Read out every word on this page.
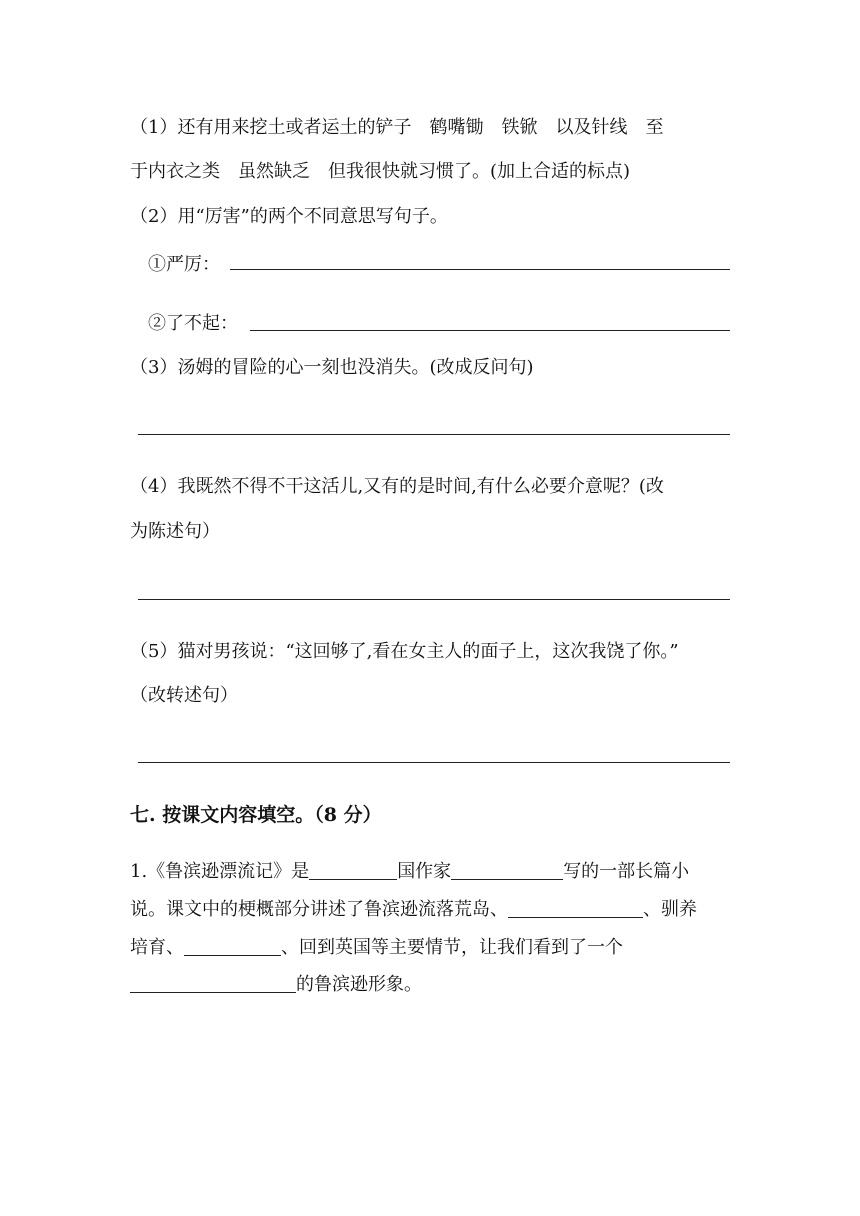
（1）还有用来挖土或者运土的铲子　鹤嘴锄　铁锨　以及针线　至
于内衣之类　虽然缺乏　但我很快就习惯了。(加上合适的标点)
（2）用“厉害”的两个不同意思写句子。
①严厉：
②了不起：
（3）汤姆的冒险的心一刻也没消失。(改成反问句)
（4）我既然不得不干这活儿,又有的是时间,有什么必要介意呢？(改
为陈述句）
（5）猫对男孩说：“这回够了,看在女主人的面子上，这次我饶了你。”
（改转述句）
七. 按课文内容填空。（8 分）
1.《鲁滨逊漂流记》是	国作家	写的一部长篇小
说。课文中的梗概部分讲述了鲁滨逊流落荒岛、	、驯养
培育、	、回到英国等主要情节，让我们看到了一个
的鲁滨逊形象。
